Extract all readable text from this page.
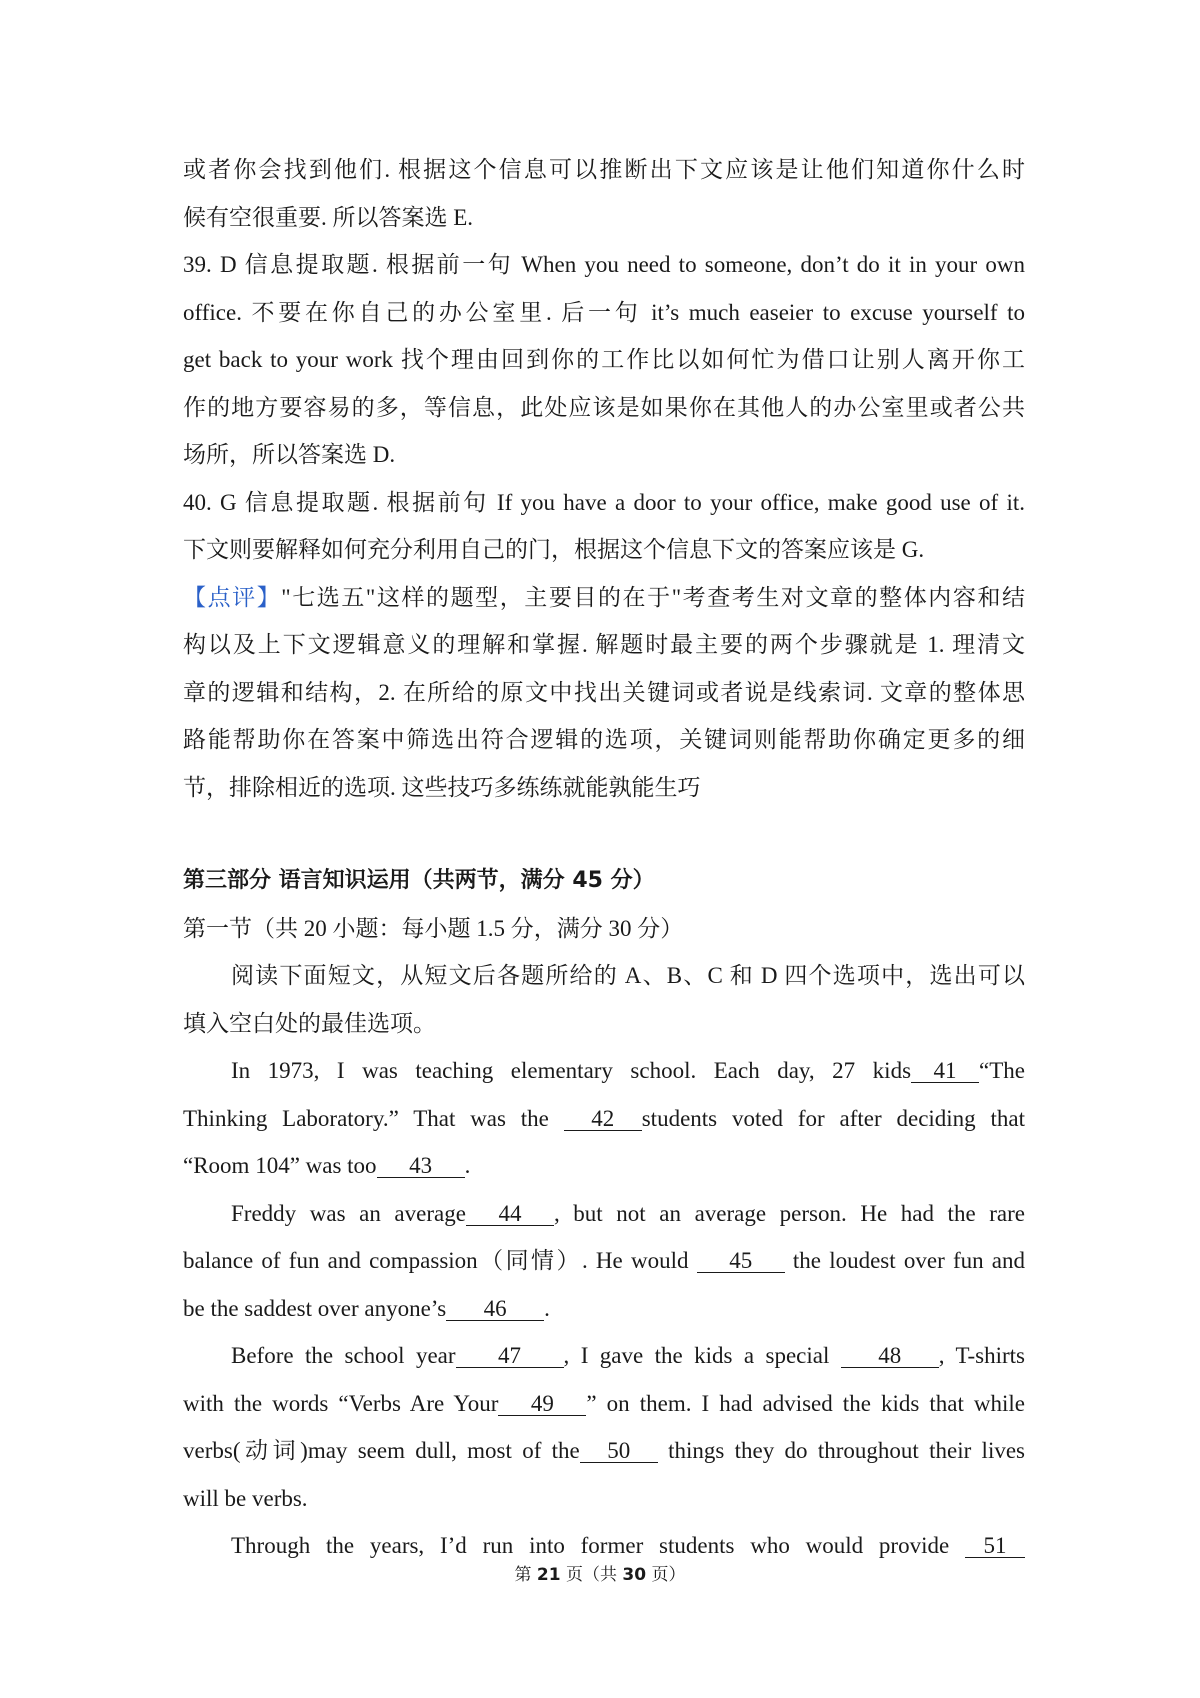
或者你会找到他们. 根据这个信息可以推断出下文应该是让他们知道你什么时
候有空很重要. 所以答案选 E.
39. D 信息提取题. 根据前一句 When you need to someone, don’t do it in your own
office. 不要在你自己的办公室里. 后一句 it’s much easeier to excuse yourself to
get back to your work 找个理由回到你的工作比以如何忙为借口让别人离开你工
作的地方要容易的多，等信息，此处应该是如果你在其他人的办公室里或者公共
场所，所以答案选 D.
40. G 信息提取题. 根据前句 If you have a door to your office, make good use of it.
下文则要解释如何充分利用自己的门，根据这个信息下文的答案应该是 G.
【点评】"七选五"这样的题型，主要目的在于"考查考生对文章的整体内容和结
构以及上下文逻辑意义的理解和掌握. 解题时最主要的两个步骤就是 1. 理清文
章的逻辑和结构，2. 在所给的原文中找出关键词或者说是线索词. 文章的整体思
路能帮助你在答案中筛选出符合逻辑的选项，关键词则能帮助你确定更多的细
节，排除相近的选项. 这些技巧多练练就能孰能生巧
第三部分 语言知识运用（共两节，满分 45 分）
第一节（共 20 小题：每小题 1.5 分，满分 30 分）
阅读下面短文，从短文后各题所给的 A、B、C 和 D 四个选项中，选出可以
填入空白处的最佳选项。
In 1973, I was teaching elementary school. Each day, 27 kids 41 “The
Thinking Laboratory.” That was the 42 students voted for after deciding that
“Room 104” was too 43 .
Freddy was an average 44 , but not an average person. He had the rare
balance of fun and compassion（同情）. He would 45 the loudest over fun and
be the saddest over anyone’s 46 .
Before the school year 47 , I gave the kids a special 48 , T-shirts
with the words “Verbs Are Your 49 ” on them. I had advised the kids that while
verbs(动词)may seem dull, most of the 50 things they do throughout their lives
will be verbs.
Through the years, I’d run into former students who would provide 51
第 21 页（共 30 页）
